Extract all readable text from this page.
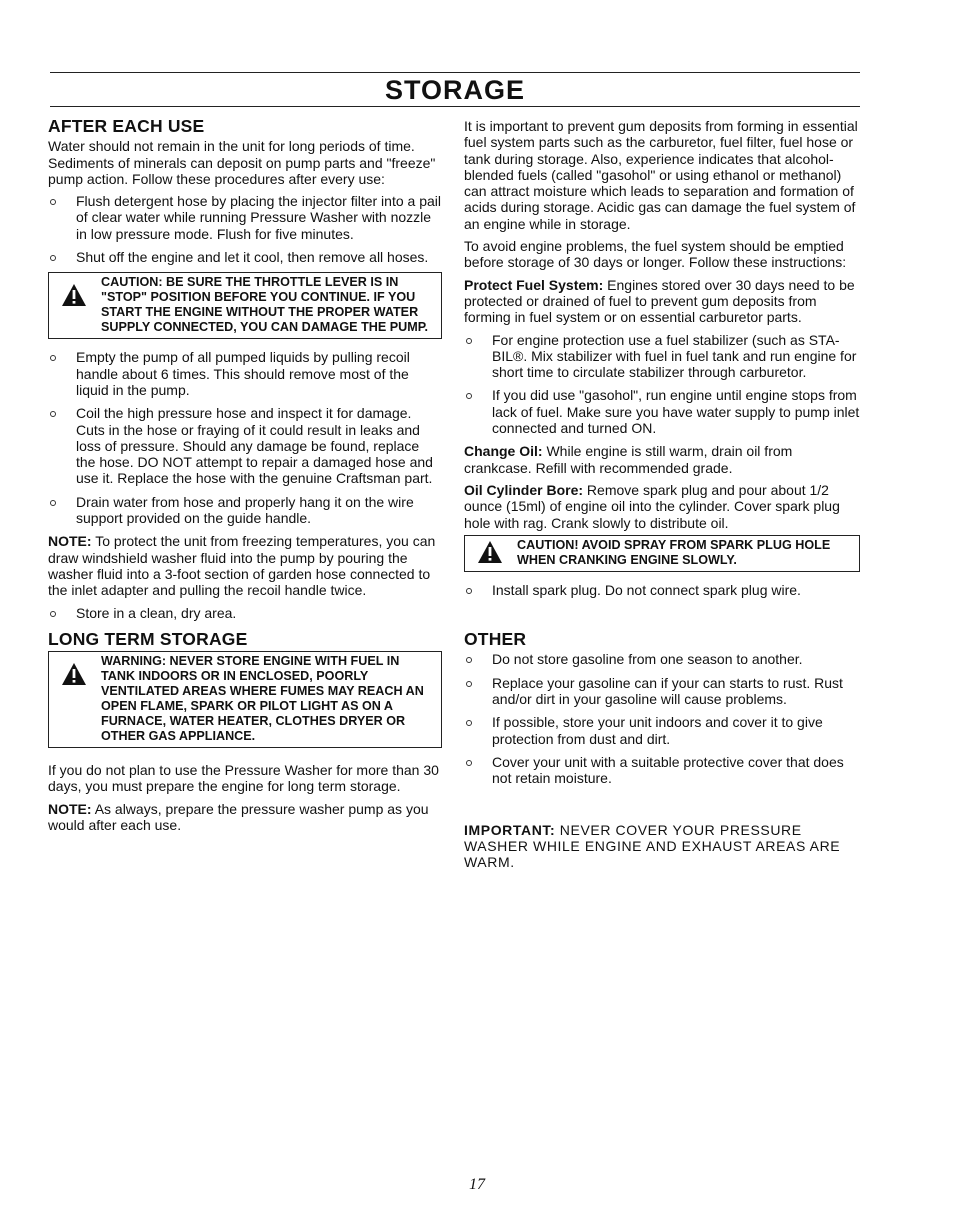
STORAGE
AFTER EACH USE

Water should not remain in the unit for long periods of time. Sediments of minerals can deposit on pump parts and "freeze" pump action. Follow these procedures after every use:

Flush detergent hose by placing the injector filter into a pail of clear water while running Pressure Washer with nozzle in low pressure mode. Flush for five minutes.
Shut off the engine and let it cool, then remove all hoses.
CAUTION: BE SURE THE THROTTLE LEVER IS IN "STOP" POSITION BEFORE YOU CONTINUE. IF YOU START THE ENGINE WITHOUT THE PROPER WATER SUPPLY CONNECTED, YOU CAN DAMAGE THE PUMP.
Empty the pump of all pumped liquids by pulling recoil handle about 6 times. This should remove most of the liquid in the pump.
Coil the high pressure hose and inspect it for damage. Cuts in the hose or fraying of it could result in leaks and loss of pressure. Should any damage be found, replace the hose. DO NOT attempt to repair a damaged hose and use it. Replace the hose with the genuine Craftsman part.
Drain water from hose and properly hang it on the wire support provided on the guide handle.

NOTE: To protect the unit from freezing temperatures, you can draw windshield washer fluid into the pump by pouring the washer fluid into a 3-foot section of garden hose connected to the inlet adapter and pulling the recoil handle twice.

Store in a clean, dry area.
LONG TERM STORAGE
WARNING: NEVER STORE ENGINE WITH FUEL IN TANK INDOORS OR IN ENCLOSED, POORLY VENTILATED AREAS WHERE FUMES MAY REACH AN OPEN FLAME, SPARK OR PILOT LIGHT AS ON A FURNACE, WATER HEATER, CLOTHES DRYER OR OTHER GAS APPLIANCE.

If you do not plan to use the Pressure Washer for more than 30 days, you must prepare the engine for long term storage.

NOTE: As always, prepare the pressure washer pump as you would after each use.

It is important to prevent gum deposits from forming in essential fuel system parts such as the carburetor, fuel filter, fuel hose or tank during storage. Also, experience indicates that alcohol-blended fuels (called "gasohol" or using ethanol or methanol) can attract moisture which leads to separation and formation of acids during storage. Acidic gas can damage the fuel system of an engine while in storage.

To avoid engine problems, the fuel system should be emptied before storage of 30 days or longer. Follow these instructions:

Protect Fuel System: Engines stored over 30 days need to be protected or drained of fuel to prevent gum deposits from forming in fuel system or on essential carburetor parts.

For engine protection use a fuel stabilizer (such as STA-BIL®. Mix stabilizer with fuel in fuel tank and run engine for short time to circulate stabilizer through carburetor.
If you did use "gasohol", run engine until engine stops from lack of fuel. Make sure you have water supply to pump inlet connected and turned ON.

Change Oil: While engine is still warm, drain oil from crankcase. Refill with recommended grade.

Oil Cylinder Bore: Remove spark plug and pour about 1/2 ounce (15ml) of engine oil into the cylinder. Cover spark plug hole with rag. Crank slowly to distribute oil.

CAUTION! AVOID SPRAY FROM SPARK PLUG HOLE WHEN CRANKING ENGINE SLOWLY.
Install spark plug. Do not connect spark plug wire.
OTHER
Do not store gasoline from one season to another.
Replace your gasoline can if your can starts to rust. Rust and/or dirt in your gasoline will cause problems.
If possible, store your unit indoors and cover it to give protection from dust and dirt.
Cover your unit with a suitable protective cover that does not retain moisture.

IMPORTANT: NEVER COVER YOUR PRESSURE WASHER WHILE ENGINE AND EXHAUST AREAS ARE WARM.

17
